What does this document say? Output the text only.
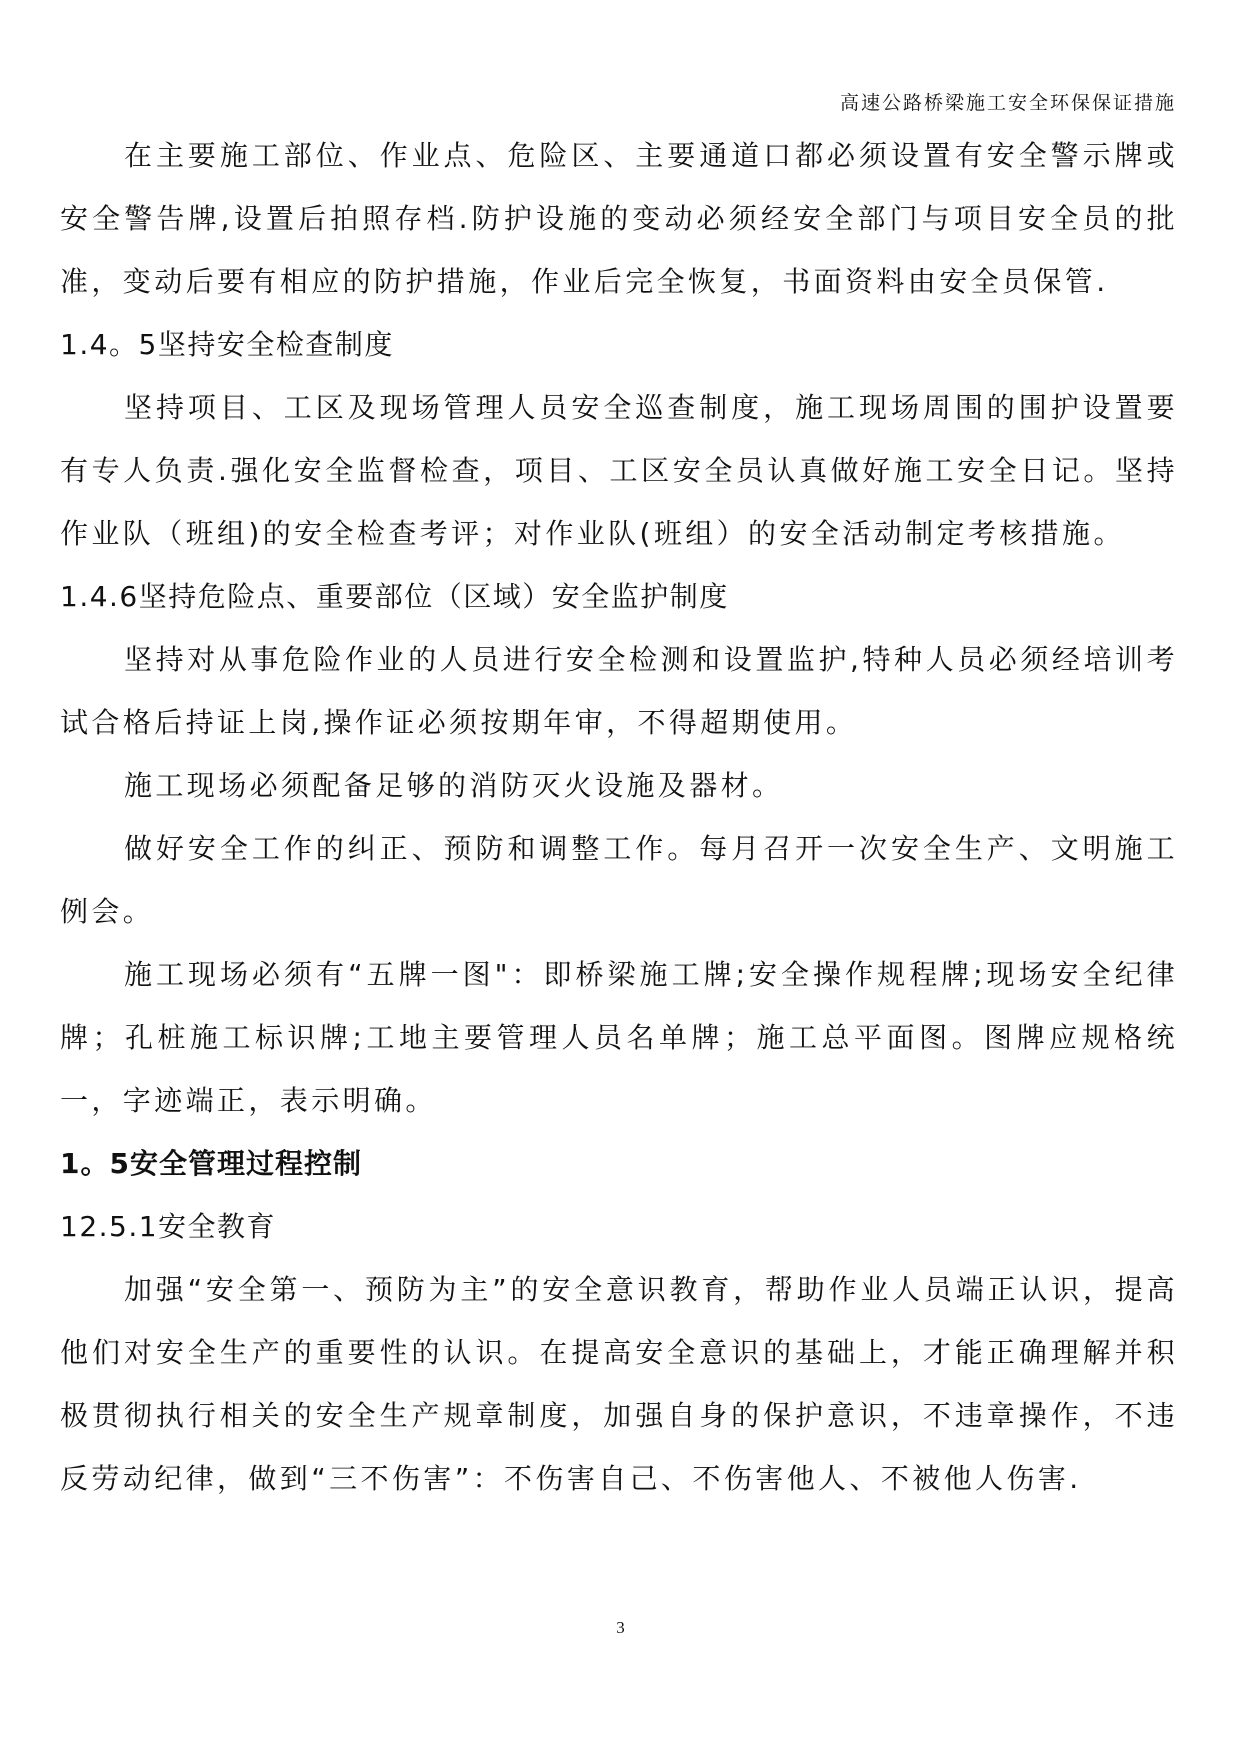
高速公路桥梁施工安全环保保证措施

在主要施工部位、作业点、危险区、主要通道口都必须设置有安全警示牌或安全警告牌,设置后拍照存档.防护设施的变动必须经安全部门与项目安全员的批准，变动后要有相应的防护措施，作业后完全恢复，书面资料由安全员保管.

1.4。5坚持安全检查制度

坚持项目、工区及现场管理人员安全巡查制度，施工现场周围的围护设置要有专人负责.强化安全监督检查，项目、工区安全员认真做好施工安全日记。坚持作业队（班组)的安全检查考评；对作业队(班组）的安全活动制定考核措施。

1.4.6坚持危险点、重要部位（区域）安全监护制度

坚持对从事危险作业的人员进行安全检测和设置监护,特种人员必须经培训考试合格后持证上岗,操作证必须按期年审，不得超期使用。

施工现场必须配备足够的消防灭火设施及器材。

做好安全工作的纠正、预防和调整工作。每月召开一次安全生产、文明施工例会。

施工现场必须有“五牌一图"：即桥梁施工牌;安全操作规程牌;现场安全纪律牌；孔桩施工标识牌;工地主要管理人员名单牌；施工总平面图。图牌应规格统一，字迹端正，表示明确。

1。5安全管理过程控制

12.5.1安全教育

加强“安全第一、预防为主”的安全意识教育，帮助作业人员端正认识，提高他们对安全生产的重要性的认识。在提高安全意识的基础上，才能正确理解并积极贯彻执行相关的安全生产规章制度，加强自身的保护意识，不违章操作，不违反劳动纪律，做到“三不伤害”：不伤害自己、不伤害他人、不被他人伤害.

3
